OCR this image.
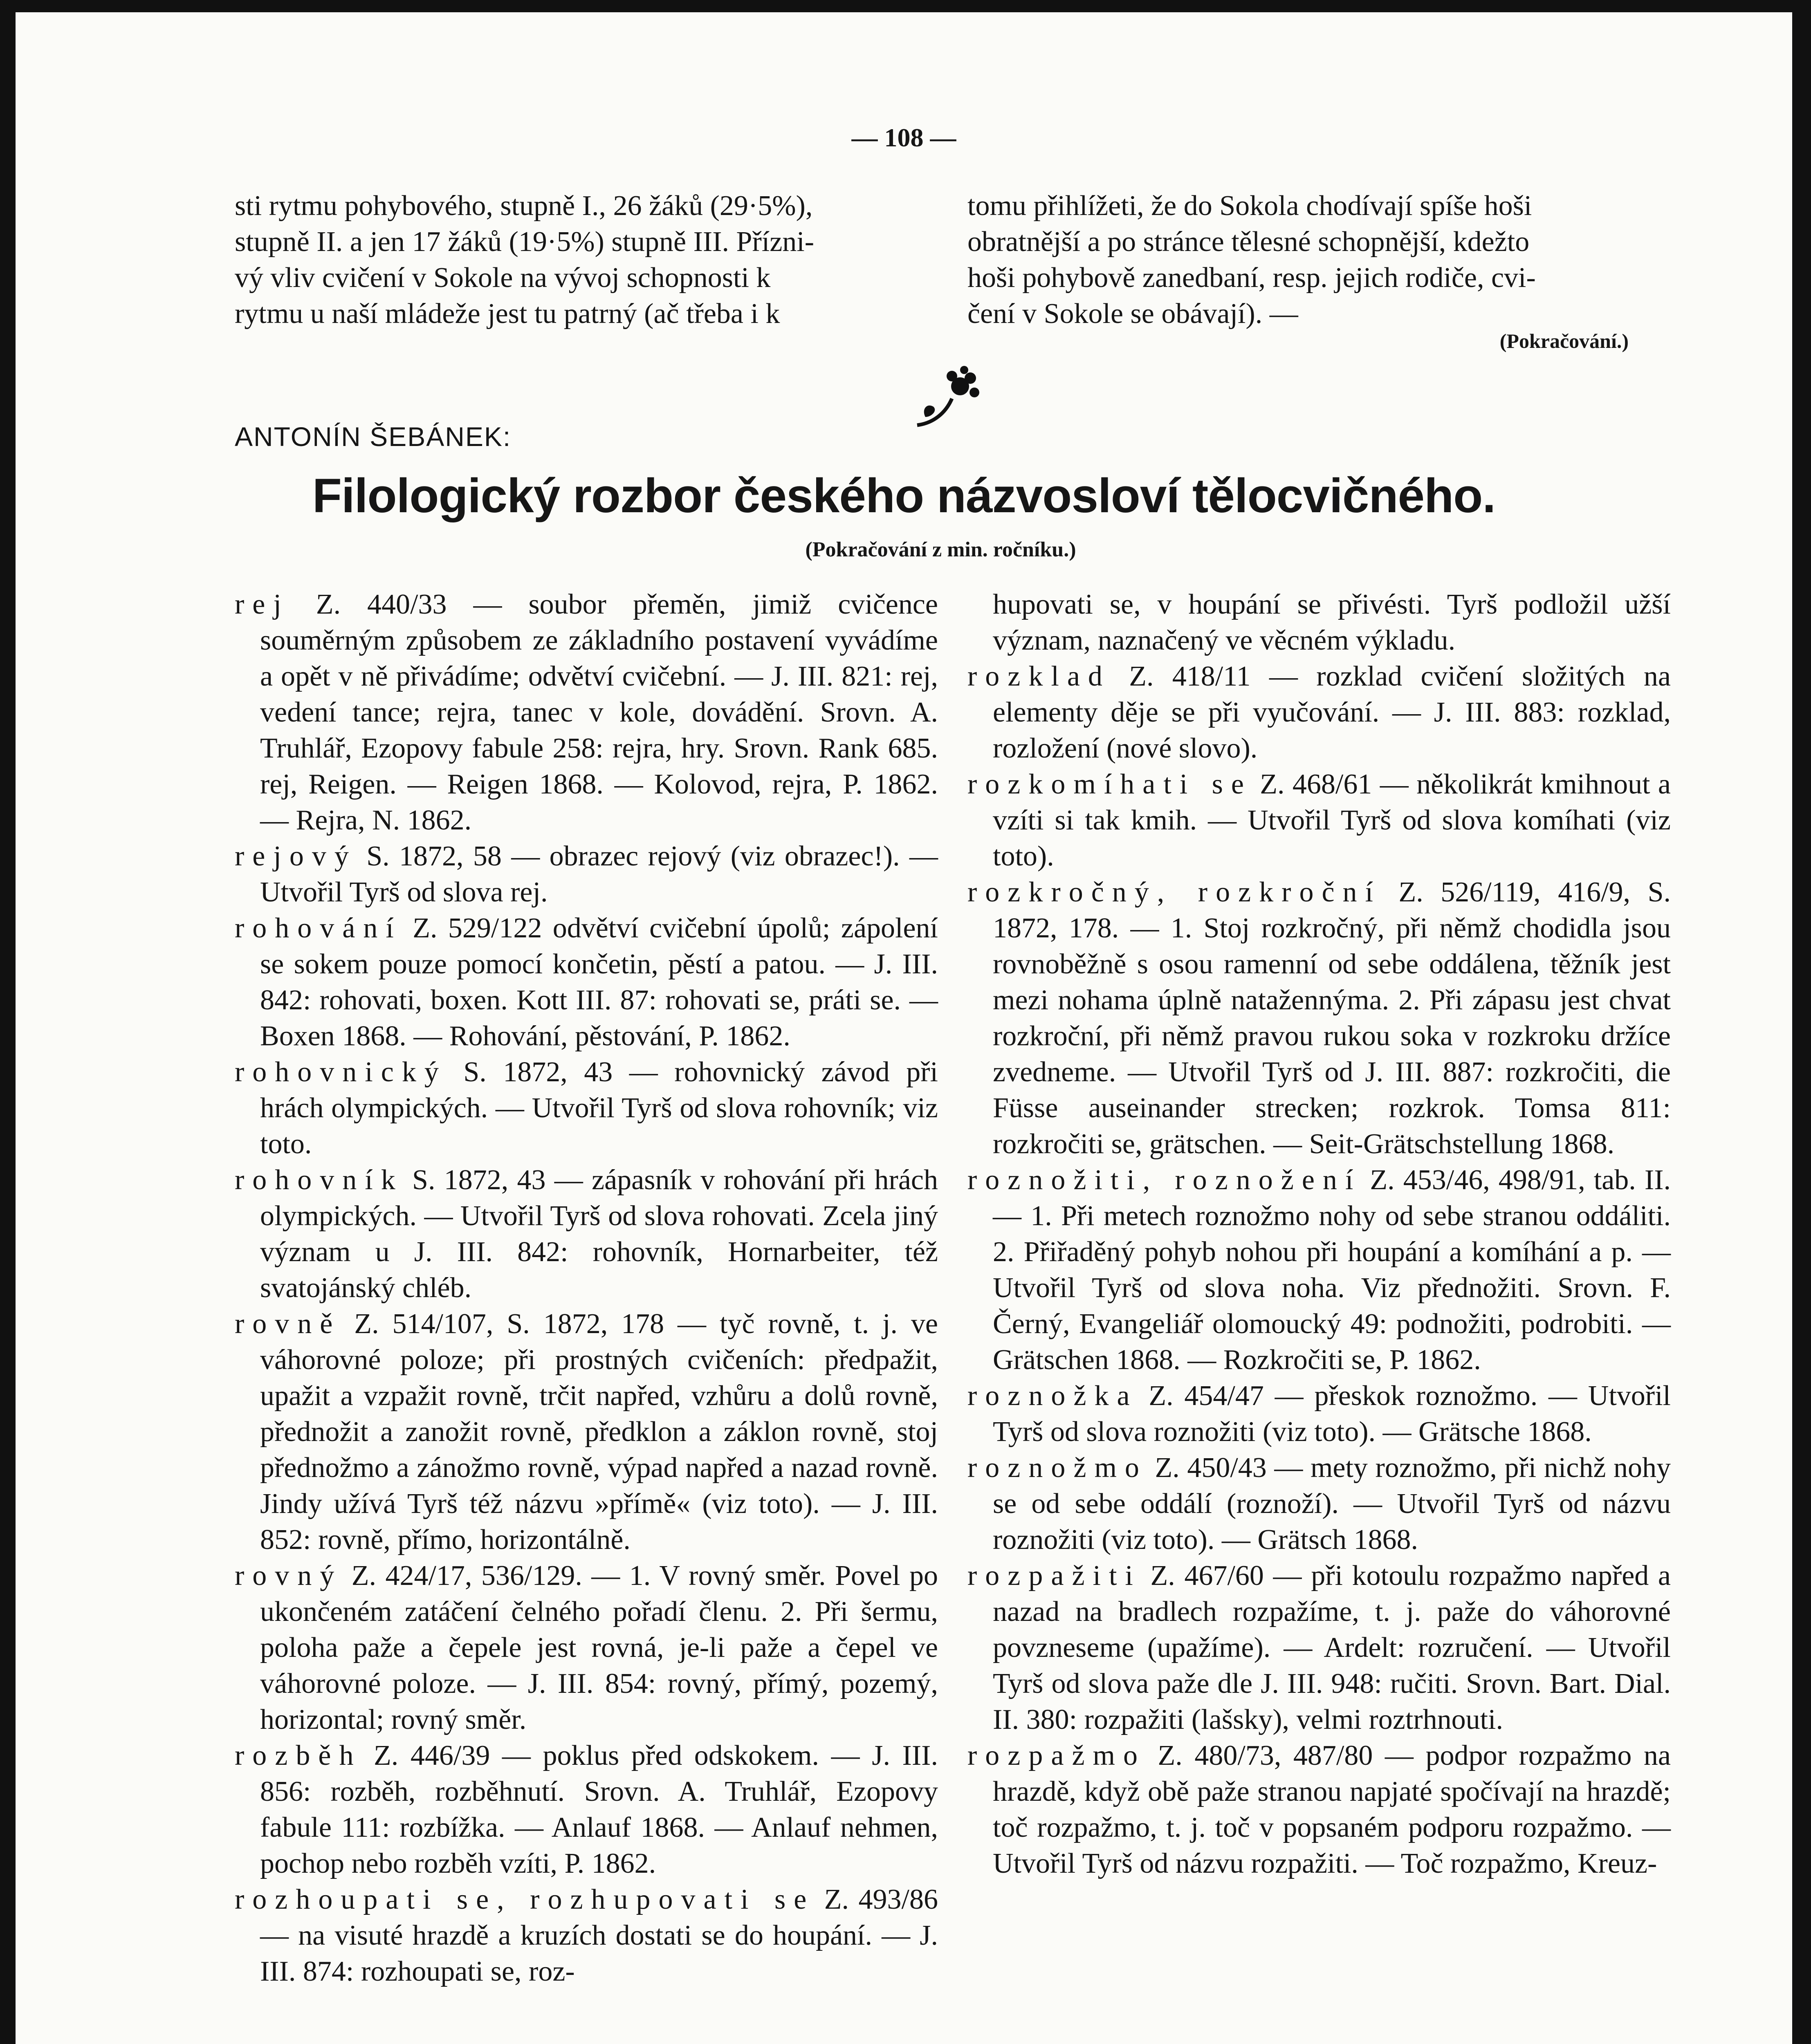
— 108 —

sti rytmu pohybového, stupně I., 26 žáků (29·5%),

stupně II. a jen 17 žáků (19·5%) stupně III. Přízni-

vý vliv cvičení v Sokole na vývoj schopnosti k

rytmu u naší mládeže jest tu patrný (ač třeba i k

tomu přihlížeti, že do Sokola chodívají spíše hoši

obratnější a po stránce tělesné schopnější, kdežto

hoši pohybově zanedbaní, resp. jejich rodiče, cvi-

čení v Sokole se obávají). —

(Pokračování.)
ANTONÍN ŠEBÁNEK:
Filologický rozbor českého názvosloví tělocvičného.
(Pokračování z min. ročníku.)

rej Z. 440/33 — soubor přeměn, jimiž cvičence souměrným způsobem ze základního postavení vyvádíme a opět v ně přivádíme; odvětví cvičební. — J. III. 821: rej, vedení tance; rejra, tanec v kole, dovádění. Srovn. A. Truhlář, Ezopovy fabule 258: rejra, hry. Srovn. Rank 685. rej, Reigen. — Reigen 1868. — Kolovod, rejra, P. 1862. — Rejra, N. 1862.

rejový S. 1872, 58 — obrazec rejový (viz obrazec!). — Utvořil Tyrš od slova rej.

rohování Z. 529/122 odvětví cvičební úpolů; zápolení se sokem pouze pomocí končetin, pěstí a patou. — J. III. 842: rohovati, boxen. Kott III. 87: rohovati se, práti se. — Boxen 1868. — Rohování, pěstování, P. 1862.

rohovnický S. 1872, 43 — rohovnický závod při hrách olympických. — Utvořil Tyrš od slova rohovník; viz toto.

rohovník S. 1872, 43 — zápasník v rohování při hrách olympických. — Utvořil Tyrš od slova rohovati. Zcela jiný význam u J. III. 842: rohovník, Hornarbeiter, též svatojánský chléb.

rovně Z. 514/107, S. 1872, 178 — tyč rovně, t. j. ve váhorovné poloze; při prostných cvičeních: předpažit, upažit a vzpažit rovně, trčit napřed, vzhůru a dolů rovně, přednožit a zanožit rovně, předklon a záklon rovně, stoj přednožmo a zánožmo rovně, výpad napřed a nazad rovně. Jindy užívá Tyrš též názvu »přímě« (viz toto). — J. III. 852: rovně, přímo, horizontálně.

rovný Z. 424/17, 536/129. — 1. V rovný směr. Povel po ukončeném zatáčení čelného pořadí členu. 2. Při šermu, poloha paže a čepele jest rovná, je-li paže a čepel ve váhorovné poloze. — J. III. 854: rovný, přímý, pozemý, horizontal; rovný směr.

rozběh Z. 446/39 — poklus před odskokem. — J. III. 856: rozběh, rozběhnutí. Srovn. A. Truhlář, Ezopovy fabule 111: rozbížka. — Anlauf 1868. — Anlauf nehmen, pochop nebo rozběh vzíti, P. 1862.

rozhoupati se, rozhupovati se Z. 493/86 — na visuté hrazdě a kruzích dostati se do houpání. — J. III. 874: rozhoupati se, roz-

hupovati se, v houpání se přivésti. Tyrš podložil užší význam, naznačený ve věcném výkladu.

rozklad Z. 418/11 — rozklad cvičení složitých na elementy děje se při vyučování. — J. III. 883: rozklad, rozložení (nové slovo).

rozkomíhati se Z. 468/61 — několikrát kmihnout a vzíti si tak kmih. — Utvořil Tyrš od slova komíhati (viz toto).

rozkročný, rozkroční Z. 526/119, 416/9, S. 1872, 178. — 1. Stoj rozkročný, při němž chodidla jsou rovnoběžně s osou ramenní od sebe oddálena, těžník jest mezi nohama úplně natažennýma. 2. Při zápasu jest chvat rozkroční, při němž pravou rukou soka v rozkroku držíce zvedneme. — Utvořil Tyrš od J. III. 887: rozkročiti, die Füsse auseinander strecken; rozkrok. Tomsa 811: rozkročiti se, grätschen. — Seit-Grätschstellung 1868.

roznožiti, roznožení Z. 453/46, 498/91, tab. II. — 1. Při metech roznožmo nohy od sebe stranou oddáliti. 2. Přiřaděný pohyb nohou při houpání a komíhání a p. — Utvořil Tyrš od slova noha. Viz přednožiti. Srovn. F. Černý, Evangeliář olomoucký 49: podnožiti, podrobiti. — Grätschen 1868. — Rozkročiti se, P. 1862.

roznožka Z. 454/47 — přeskok roznožmo. — Utvořil Tyrš od slova roznožiti (viz toto). — Grätsche 1868.

roznožmo Z. 450/43 — mety roznožmo, při nichž nohy se od sebe oddálí (roznoží). — Utvořil Tyrš od názvu roznožiti (viz toto). — Grätsch 1868.

rozpažiti Z. 467/60 — při kotoulu rozpažmo napřed a nazad na bradlech rozpažíme, t. j. paže do váhorovné povzneseme (upažíme). — Ardelt: rozručení. — Utvořil Tyrš od slova paže dle J. III. 948: ručiti. Srovn. Bart. Dial. II. 380: rozpažiti (lašsky), velmi roztrhnouti.

rozpažmo Z. 480/73, 487/80 — podpor rozpažmo na hrazdě, když obě paže stranou napjaté spočívají na hrazdě; toč rozpažmo, t. j. toč v popsaném podporu rozpažmo. — Utvořil Tyrš od názvu rozpažiti. — Toč rozpažmo, Kreuz-
